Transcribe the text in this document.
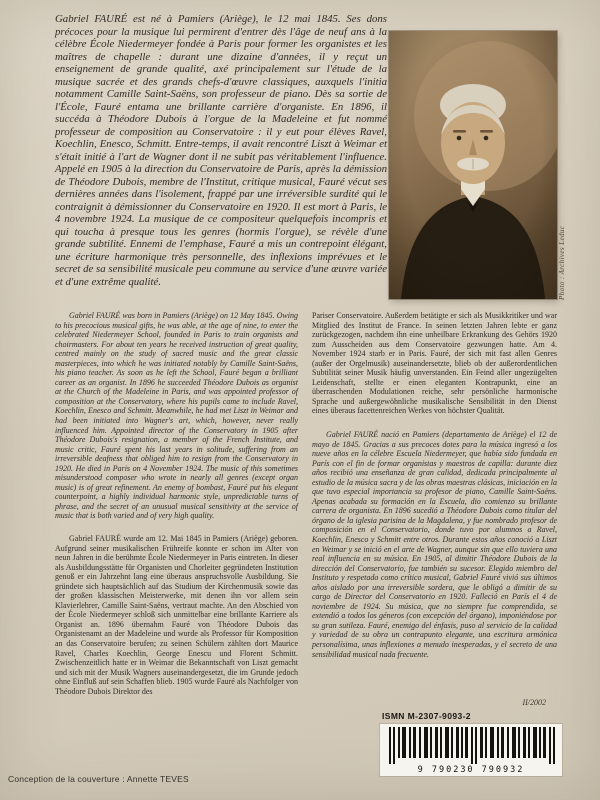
Gabriel FAURÉ est né à Pamiers (Ariège), le 12 mai 1845. Ses dons précoces pour la musique lui permirent d'entrer dès l'âge de neuf ans à la célèbre École Niedermeyer fondée à Paris pour former les organistes et les maîtres de chapelle : durant une dizaine d'années, il y reçut un enseignement de grande qualité, axé principalement sur l'étude de la musique sacrée et des grands chefs-d'œuvre classiques, auxquels l'initia notamment Camille Saint-Saëns, son professeur de piano. Dès sa sortie de l'École, Fauré entama une brillante carrière d'organiste. En 1896, il succéda à Théodore Dubois à l'orgue de la Madeleine et fut nommé professeur de composition au Conservatoire : il y eut pour élèves Ravel, Koechlin, Enesco, Schmitt. Entre-temps, il avait rencontré Liszt à Weimar et s'était initié à l'art de Wagner dont il ne subit pas véritablement l'influence. Appelé en 1905 à la direction du Conservatoire de Paris, après la démission de Théodore Dubois, membre de l'Institut, critique musical, Fauré vécut ses dernières années dans l'isolement, frappé par une irréversible surdité qui le contraignit à démissionner du Conservatoire en 1920. Il est mort à Paris, le 4 novembre 1924. La musique de ce compositeur quelquefois incompris et qui toucha à presque tous les genres (hormis l'orgue), se révèle d'une grande subtilité. Ennemi de l'emphase, Fauré a mis un contrepoint élégant, une écriture harmonique très personnelle, des inflexions imprévues et le secret de sa sensibilité musicale peu commune au service d'une œuvre variée et d'une extrême qualité.	Photo : Archives Leduc

Gabriel FAURÉ was born in Pamiers (Ariège) on 12 May 1845. Owing to his precocious musical gifts, he was able, at the age of nine, to enter the celebrated Niedermeyer School, founded in Paris to train organists and choirmasters. For about ten years he received instruction of great quality, centred mainly on the study of sacred music and the great classic masterpieces, into which he was initiated notably by Camille Saint-Saëns, his piano teacher. As soon as he left the School, Fauré began a brilliant career as an organist. In 1896 he succeeded Théodore Dubois as organist at the Church of the Madeleine in Paris, and was appointed professor of composition at the Conservatory, where his pupils came to include Ravel, Koechlin, Enesco and Schmitt. Meanwhile, he had met Liszt in Weimar and had been initiated into Wagner's art, which, however, never really influenced him. Appointed director of the Conservatory in 1905 after Théodore Dubois's resignation, a member of the French Institute, and music critic, Fauré spent his last years in solitude, suffering from an irreversible deafness that obliged him to resign from the Conservatory in 1920. He died in Paris on 4 November 1924. The music of this sometimes misunderstood composer who wrote in nearly all genres (except organ music) is of great refinement. An enemy of bombast, Fauré put his elegant counterpoint, a highly individual harmonic style, unpredictable turns of phrase, and the secret of an unusual musical sensitivity at the service of music that is both varied and of very high quality.

Gabriel FAURÉ wurde am 12. Mai 1845 in Pamiers (Ariège) geboren. Aufgrund seiner musikalischen Frühreife konnte er schon im Alter von neun Jahren in die berühmte École Niedermeyer in Paris eintreten. In dieser als Ausbildungsstätte für Organisten und Chorleiter gegründeten Institution genoß er ein Jahrzehnt lang eine überaus anspruchsvolle Ausbildung. Sie gründete sich hauptsächlich auf das Studium der Kirchenmusik sowie das der großen klassischen Meisterwerke, mit denen ihn vor allem sein Klavierlehrer, Camille Saint-Saëns, vertraut machte. An den Abschied von der École Niedermeyer schloß sich unmittelbar eine brillante Karriere als Organist an. 1896 übernahm Fauré von Théodore Dubois das Organistenamt an der Madeleine und wurde als Professor für Komposition an das Conservatoire berufen; zu seinen Schülern zählten dort Maurice Ravel, Charles Koechlin, George Enescu und Florent Schmitt. Zwischenzeitlich hatte er in Weimar die Bekanntschaft von Liszt gemacht und sich mit der Musik Wagners auseinandergesetzt, die im Grunde jedoch ohne Einfluß auf sein Schaffen blieb. 1905 wurde Fauré als Nachfolger von Théodore Dubois Direktor des

Pariser Conservatoire. Außerdem betätigte er sich als Musikkritiker und war Mitglied des Institut de France. In seinen letzten Jahren lebte er ganz zurückgezogen, nachdem ihn eine unheilbare Erkrankung des Gehörs 1920 zum Ausscheiden aus dem Conservatoire gezwungen hatte. Am 4. November 1924 starb er in Paris. Fauré, der sich mit fast allen Genres (außer der Orgelmusik) auseinandersetzte, blieb ob der außerordentlichen Subtilität seiner Musik häufig unverstanden. Ein Feind aller ungezügelten Leidenschaft, stellte er einen eleganten Kontrapunkt, eine an überraschenden Modulationen reiche, sehr persönliche harmonische Sprache und außergewöhnliche musikalische Sensibilität in den Dienst eines überaus facettenreichen Werkes von höchster Qualität.

Gabriel FAURÉ nació en Pamiers (departamento de Ariège) el 12 de mayo de 1845. Gracias a sus precoces dotes para la música ingresó a los nueve años en la célebre Escuela Niedermeyer, que había sido fundada en París con el fin de formar organistas y maestros de capilla: durante diez años recibió una enseñanza de gran calidad, dedicada principalmente al estudio de la música sacra y de las obras maestras clásicas, iniciación en la que tuvo especial importancia su profesor de piano, Camille Saint-Saëns. Apenas acabada su formación en la Escuela, dio comienzo su brillante carrera de organista. En 1896 sucedió a Théodore Dubois como titular del órgano de la iglesia parisina de la Magdalena, y fue nombrado profesor de composición en el Conservatorio, donde tuvo por alumnos a Ravel, Koechlin, Enesco y Schmitt entre otros. Durante estos años conoció a Liszt en Weimar y se inició en el arte de Wagner, aunque sin que ello tuviera una real influencia en su música. En 1905, al dimitir Théodore Dubois de la dirección del Conservatorio, fue también su sucesor. Elegido miembro del Instituto y respetado como crítico musical, Gabriel Fauré vivió sus últimos años aislado por una irreversible sordera, que le obligó a dimitir de su cargo de Director del Conservatorio en 1920. Falleció en París el 4 de noviembre de 1924. Su música, que no siempre fue comprendida, se extendió a todos los géneros (con excepción del órgano), imponiéndose por su gran sutileza. Fauré, enemigo del énfasis, puso al servicio de la calidad y variedad de su obra un contrapunto elegante, una escritura armónica personalísima, unas inflexiones a menudo inesperadas, y el secreto de una sensibilidad musical nada frecuente.

II/2002
ISMN M-2307-9093-2
9 790230 790932
Conception de la couverture : Annette TEVES
